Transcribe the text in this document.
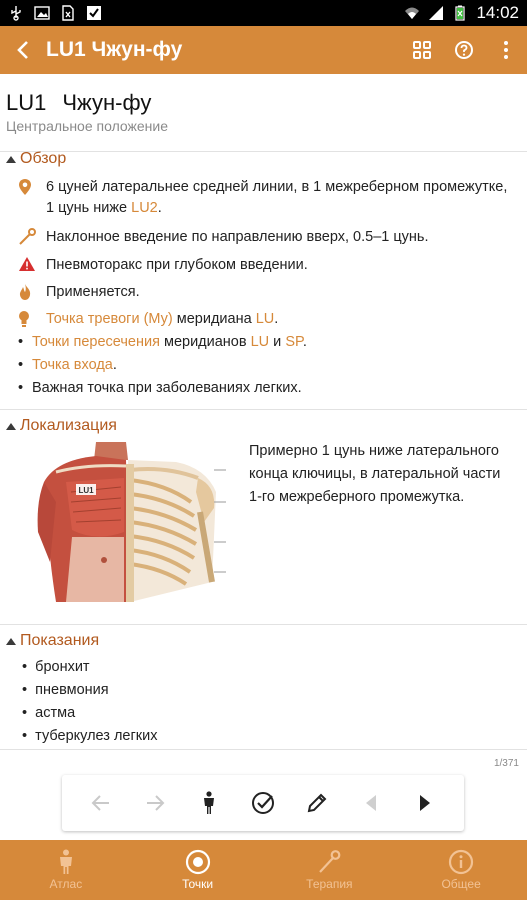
14:02
LU1 Чжун-фу
LU1 Чжун-фу
Центральное положение
Обзор
6 цуней латеральнее средней линии, в 1 межреберном промежутке, 1 цунь ниже LU2.
Наклонное введение по направлению вверх, 0.5–1 цунь.
Пневмоторакс при глубоком введении.
Применяется.
Точка тревоги (Му) меридиана LU.
• Точки пересечения меридианов LU и SP.
• Точка входа.
• Важная точка при заболеваниях легких.
Локализация
LU1
Примерно 1 цунь ниже латерального конца ключицы, в латеральной части 1-го межреберного промежутка.
Показания
•  бронхит
•  пневмония
•  астма
•  туберкулез легких
1/371
Атлас	Точки	Терапия	Общее
